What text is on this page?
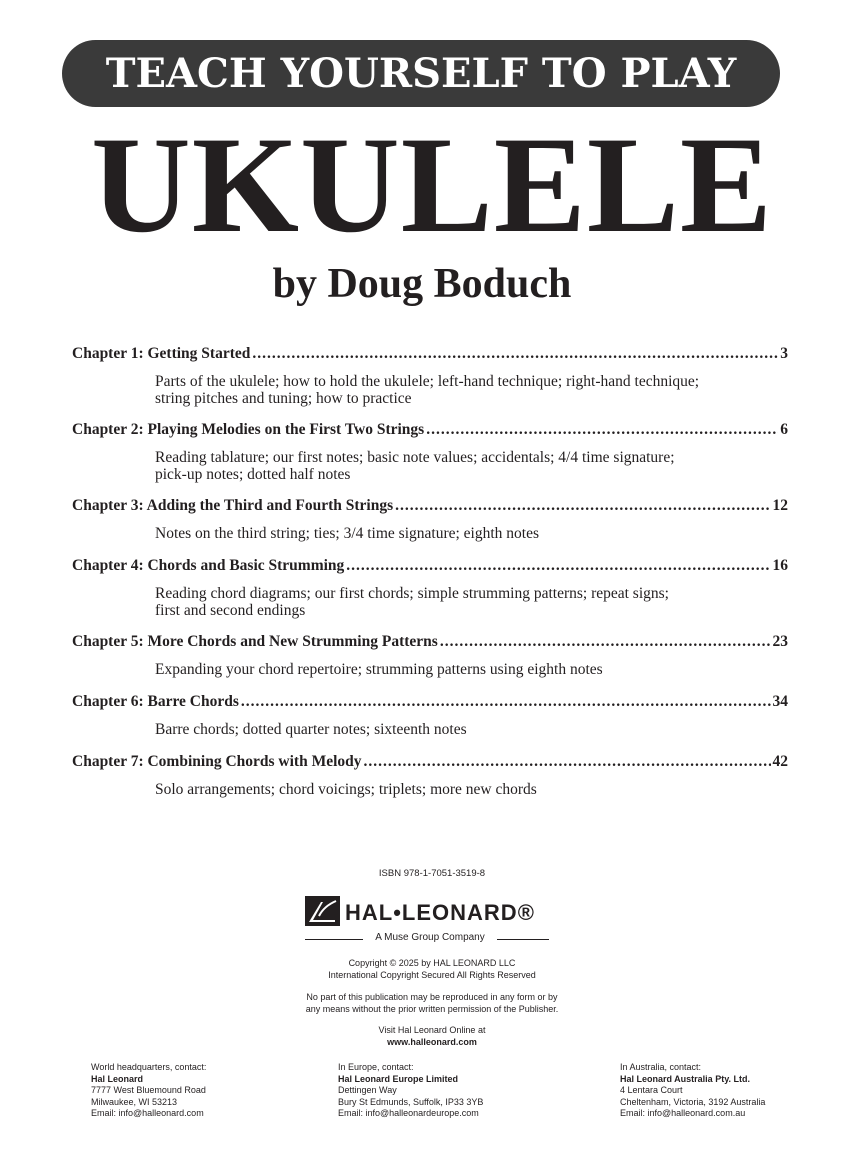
TEACH YOURSELF TO PLAY
UKULELE
by Doug Boduch
Chapter 1: Getting Started .....	3
Parts of the ukulele; how to hold the ukulele; left-hand technique; right-hand technique;
string pitches and tuning; how to practice
Chapter 2: Playing Melodies on the First Two Strings .....	6
Reading tablature; our first notes; basic note values; accidentals; 4/4 time signature;
pick-up notes; dotted half notes
Chapter 3: Adding the Third and Fourth Strings .....	12
Notes on the third string; ties; 3/4 time signature; eighth notes
Chapter 4: Chords and Basic Strumming .....	16
Reading chord diagrams; our first chords; simple strumming patterns; repeat signs;
first and second endings
Chapter 5: More Chords and New Strumming Patterns .....	23
Expanding your chord repertoire; strumming patterns using eighth notes
Chapter 6: Barre Chords .....	34
Barre chords; dotted quarter notes; sixteenth notes
Chapter 7: Combining Chords with Melody .....	42
Solo arrangements; chord voicings; triplets; more new chords
ISBN 978-1-7051-3519-8
HAL•LEONARD®
A Muse Group Company
Copyright © 2025 by HAL LEONARD LLC
International Copyright Secured All Rights Reserved
No part of this publication may be reproduced in any form or by
any means without the prior written permission of the Publisher.
Visit Hal Leonard Online at
www.halleonard.com
World headquarters, contact:
Hal Leonard
7777 West Bluemound Road
Milwaukee, WI 53213
Email: info@halleonard.com
In Europe, contact:
Hal Leonard Europe Limited
Dettingen Way
Bury St Edmunds, Suffolk, IP33 3YB
Email: info@halleonardeurope.com
In Australia, contact:
Hal Leonard Australia Pty. Ltd.
4 Lentara Court
Cheltenham, Victoria, 3192 Australia
Email: info@halleonard.com.au
